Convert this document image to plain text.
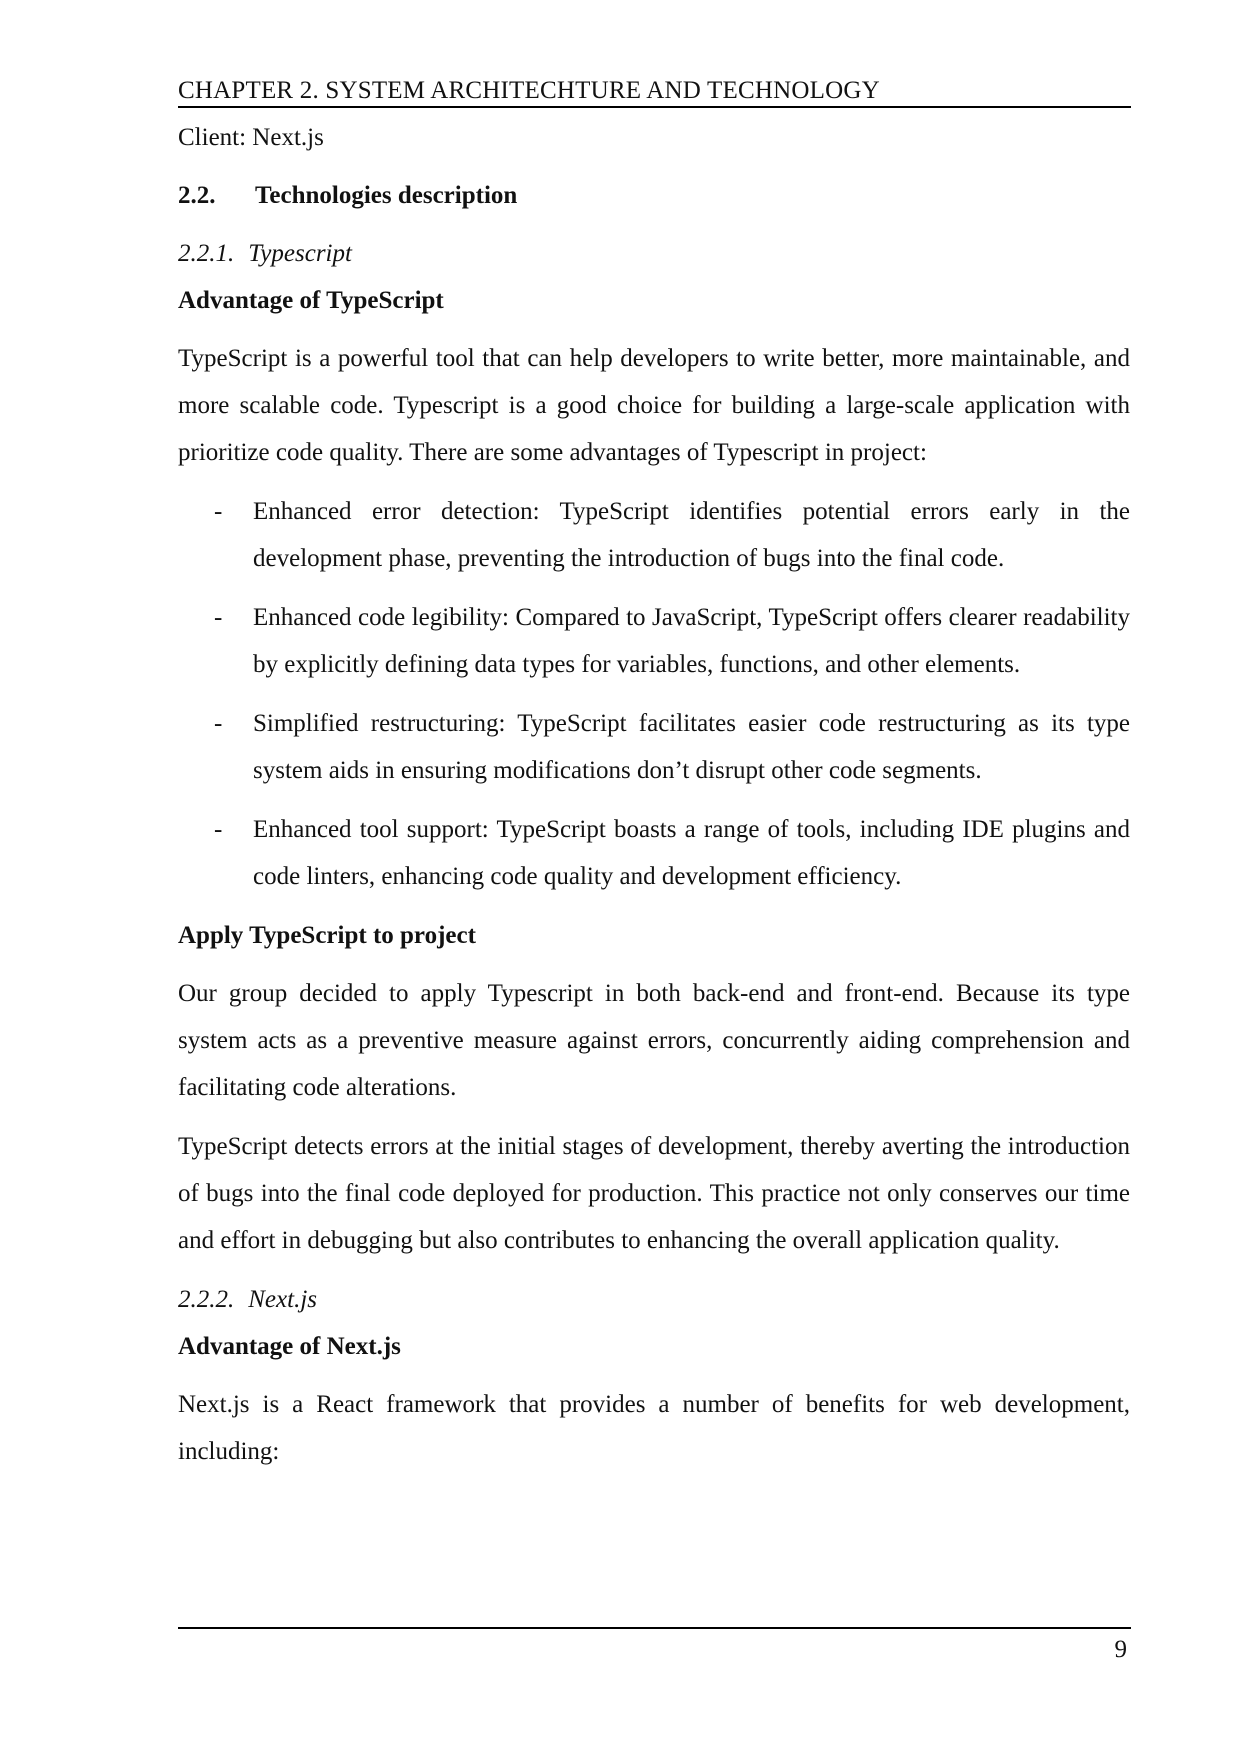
CHAPTER 2. SYSTEM ARCHITECHTURE AND TECHNOLOGY

Client: Next.js

2.2.	Technologies description
2.2.1. Typescript
Advantage of TypeScript

TypeScript is a powerful tool that can help developers to write better, more maintainable, and more scalable code. Typescript is a good choice for building a large-scale application with prioritize code quality. There are some advantages of Typescript in project:

- Enhanced error detection: TypeScript identifies potential errors early in the development phase, preventing the introduction of bugs into the final code.
- Enhanced code legibility: Compared to JavaScript, TypeScript offers clearer readability by explicitly defining data types for variables, functions, and other elements.
- Simplified restructuring: TypeScript facilitates easier code restructuring as its type system aids in ensuring modifications don’t disrupt other code segments.
- Enhanced tool support: TypeScript boasts a range of tools, including IDE plugins and code linters, enhancing code quality and development efficiency.
Apply TypeScript to project

Our group decided to apply Typescript in both back-end and front-end. Because its type system acts as a preventive measure against errors, concurrently aiding comprehension and facilitating code alterations.

TypeScript detects errors at the initial stages of development, thereby averting the introduction of bugs into the final code deployed for production. This practice not only conserves our time and effort in debugging but also contributes to enhancing the overall application quality.

2.2.2. Next.js
Advantage of Next.js

Next.js is a React framework that provides a number of benefits for web development, including:

9
